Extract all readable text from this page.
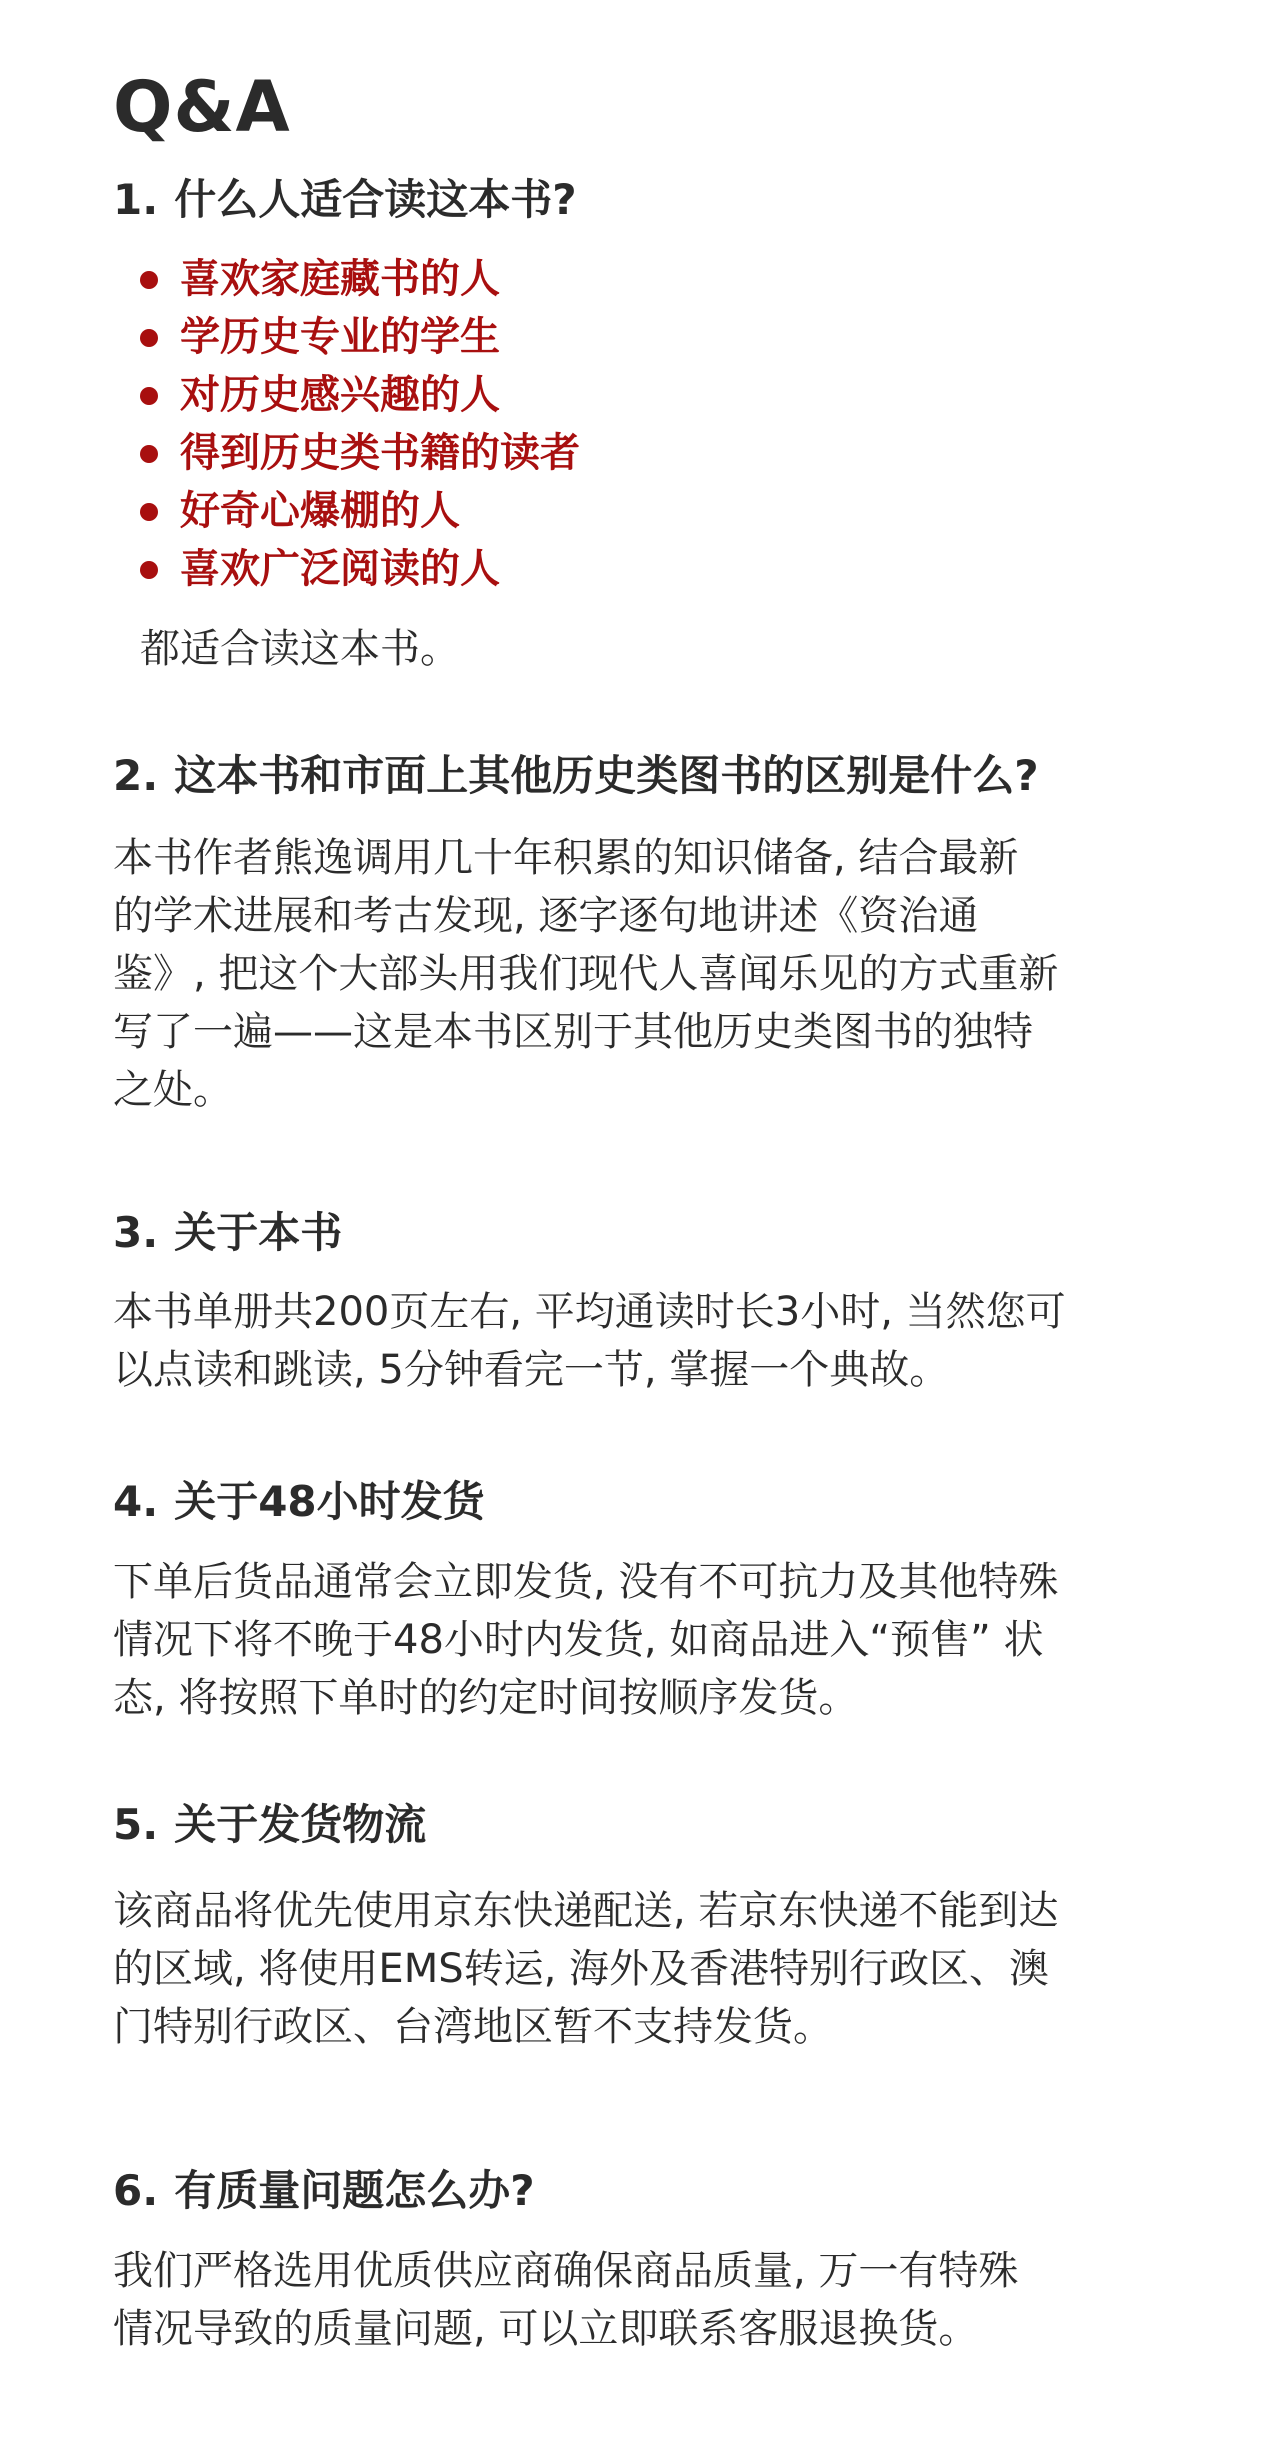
Q&A
1. 什么人适合读这本书?
喜欢家庭藏书的人
学历史专业的学生
对历史感兴趣的人
得到历史类书籍的读者
好奇心爆棚的人
喜欢广泛阅读的人

都适合读这本书。

2. 这本书和市面上其他历史类图书的区别是什么?

本书作者熊逸调用几十年积累的知识储备, 结合最新
的学术进展和考古发现, 逐字逐句地讲述《资治通
鉴》, 把这个大部头用我们现代人喜闻乐见的方式重新
写了一遍——这是本书区别于其他历史类图书的独特
之处。

3. 关于本书

本书单册共200页左右, 平均通读时长3小时, 当然您可
以点读和跳读, 5分钟看完一节, 掌握一个典故。

4. 关于48小时发货

下单后货品通常会立即发货, 没有不可抗力及其他特殊
情况下将不晚于48小时内发货, 如商品进入“预售” 状
态, 将按照下单时的约定时间按顺序发货。

5. 关于发货物流

该商品将优先使用京东快递配送, 若京东快递不能到达
的区域, 将使用EMS转运, 海外及香港特别行政区、澳
门特别行政区、台湾地区暂不支持发货。

6. 有质量问题怎么办?

我们严格选用优质供应商确保商品质量, 万一有特殊
情况导致的质量问题, 可以立即联系客服退换货。
